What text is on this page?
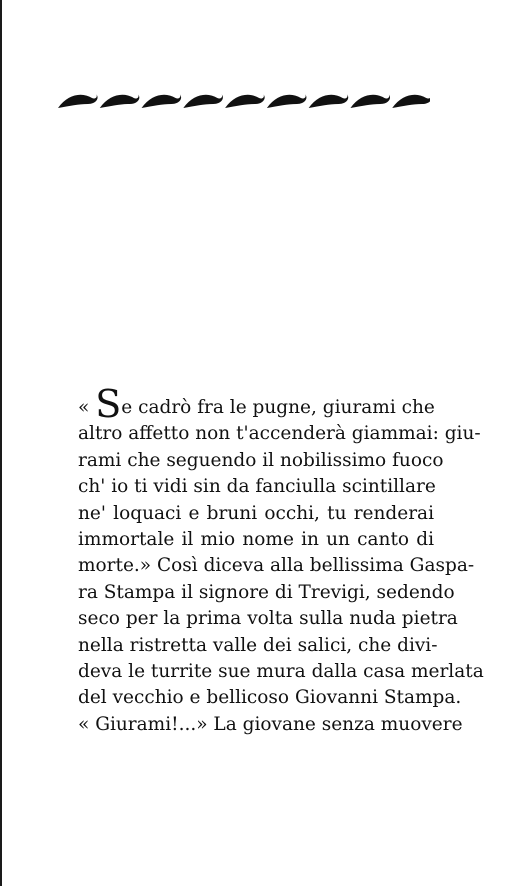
« Se cadrò fra le pugne, giurami che
altro affetto non t'accenderà giammai: giu-
rami che seguendo il nobilissimo fuoco
ch' io ti vidi sin da fanciulla scintillare
ne' loquaci e bruni occhi, tu renderai
immortale il mio nome in un canto di
morte.» Così diceva alla bellissima Gaspa-
ra Stampa il signore di Trevigi, sedendo
seco per la prima volta sulla nuda pietra
nella ristretta valle dei salici, che divi-
deva le turrite sue mura dalla casa merlata
del vecchio e bellicoso Giovanni Stampa.
« Giurami!...» La giovane senza muovere
